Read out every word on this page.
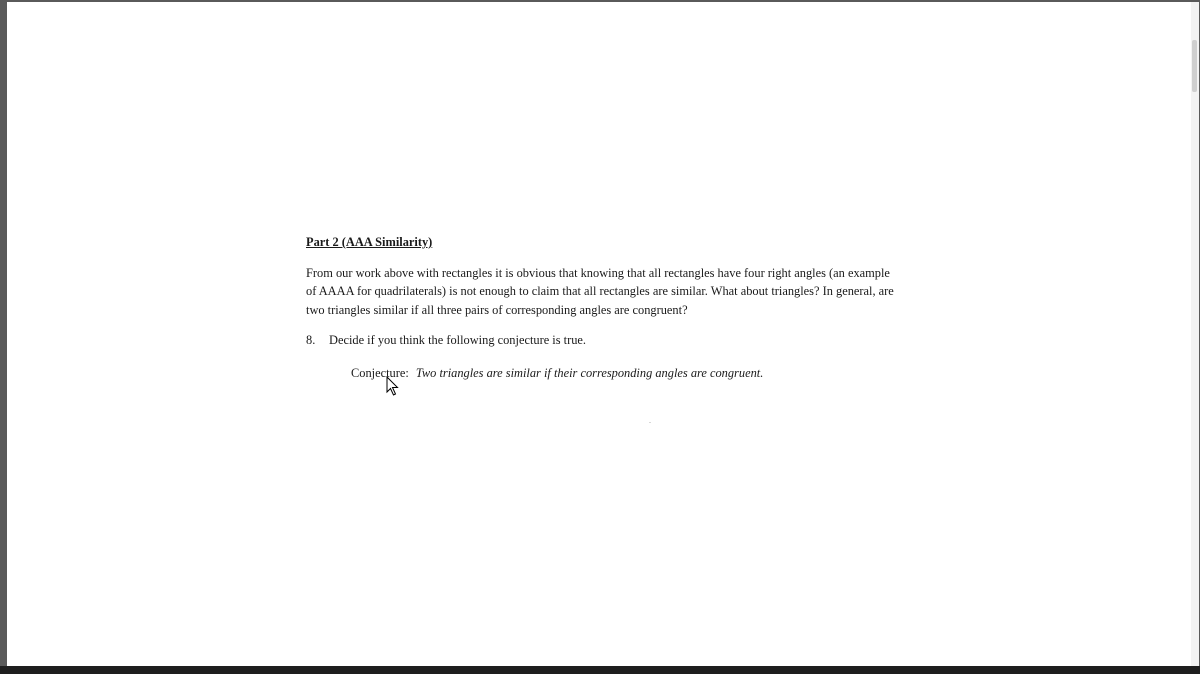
Part 2 (AAA Similarity)

From our work above with rectangles it is obvious that knowing that all rectangles have four right angles (an example of AAAA for quadrilaterals) is not enough to claim that all rectangles are similar. What about triangles? In general, are two triangles similar if all three pairs of corresponding angles are congruent?

8.	Decide if you think the following conjecture is true.
Conjecture: Two triangles are similar if their corresponding angles are congruent.
